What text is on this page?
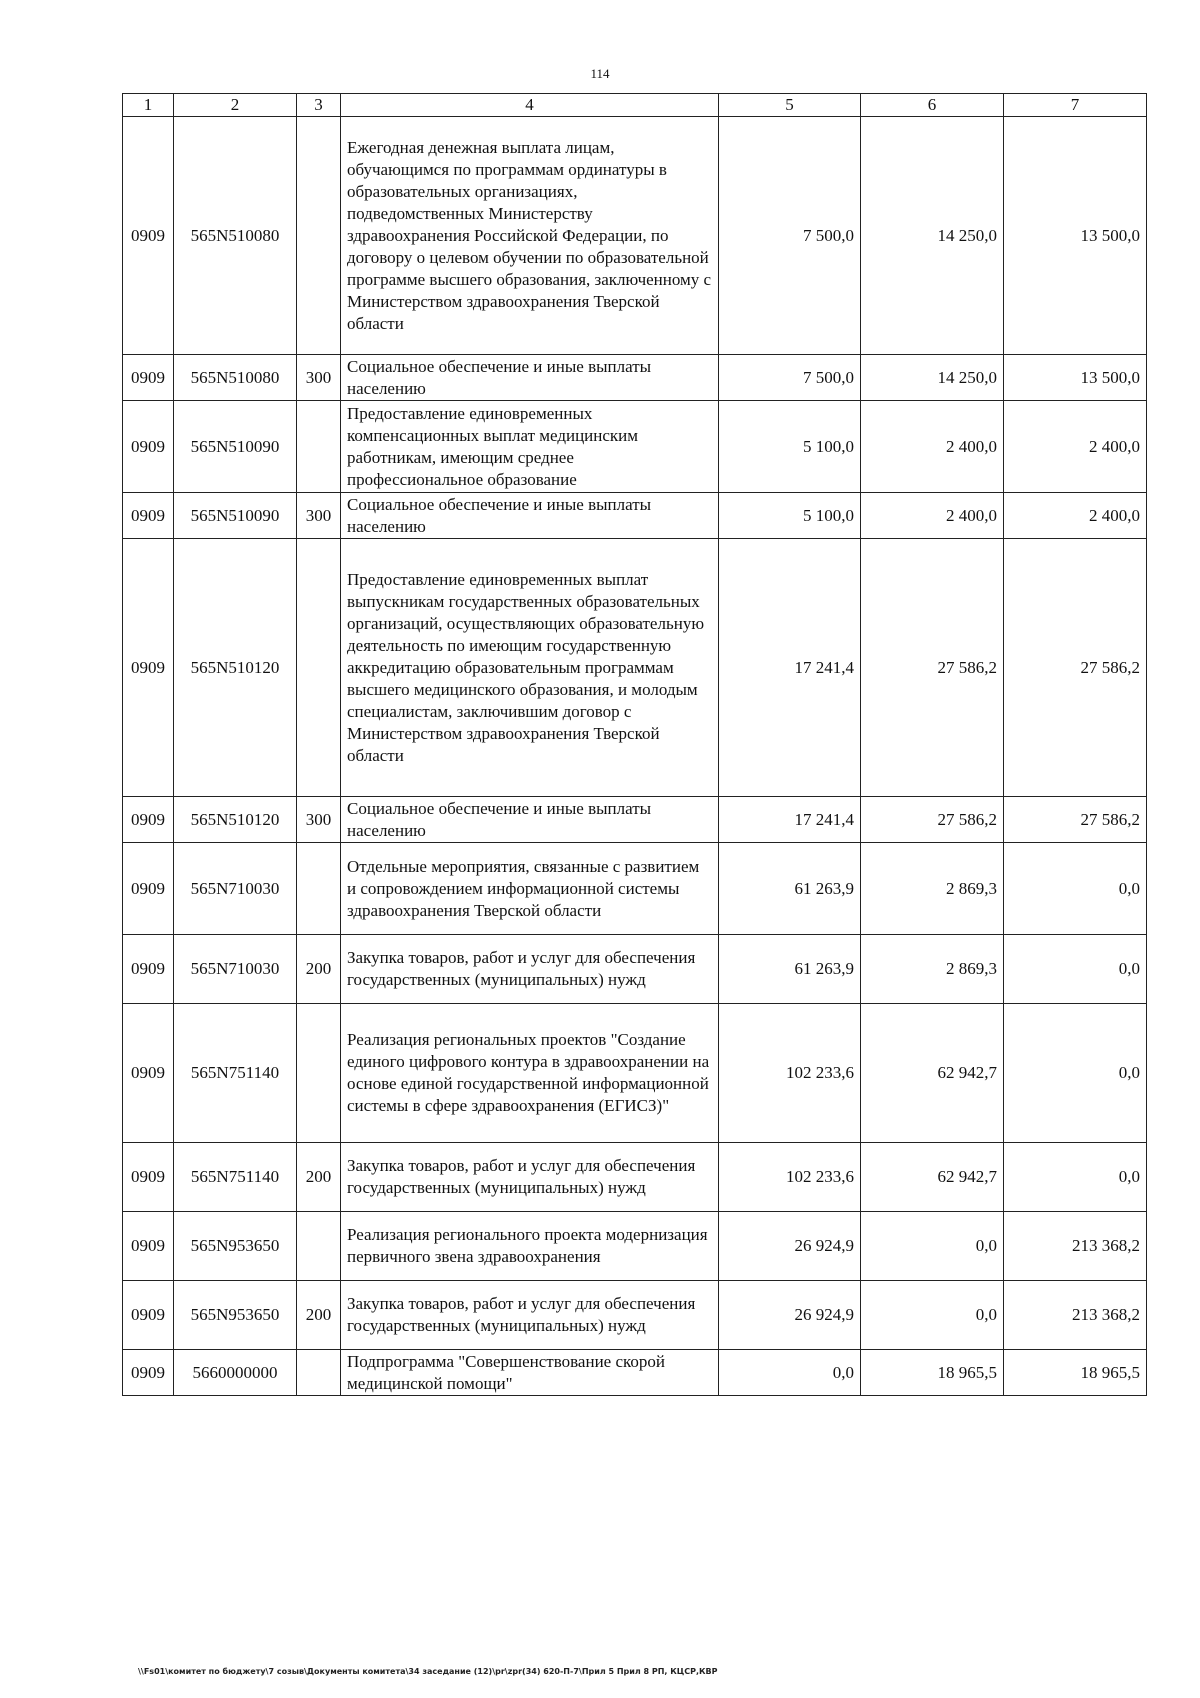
114
1	2	3	4	5	6	7
0909	565N510080		Ежегодная денежная выплата лицам, обучающимся по программам ординатуры в образовательных организациях, подведомственных Министерству здравоохранения Российской Федерации, по договору о целевом обучении по образовательной программе высшего образования, заключенному с Министерством здравоохранения Тверской области	7 500,0	14 250,0	13 500,0
0909	565N510080	300	Социальное обеспечение и иные выплаты населению	7 500,0	14 250,0	13 500,0
0909	565N510090		Предоставление единовременных компенсационных выплат медицинским работникам, имеющим среднее профессиональное образование	5 100,0	2 400,0	2 400,0
0909	565N510090	300	Социальное обеспечение и иные выплаты населению	5 100,0	2 400,0	2 400,0
0909	565N510120		Предоставление единовременных выплат выпускникам государственных образовательных организаций, осуществляющих образовательную деятельность по имеющим государственную аккредитацию образовательным программам высшего медицинского образования, и молодым специалистам, заключившим договор с Министерством здравоохранения Тверской области	17 241,4	27 586,2	27 586,2
0909	565N510120	300	Социальное обеспечение и иные выплаты населению	17 241,4	27 586,2	27 586,2
0909	565N710030		Отдельные мероприятия, связанные с развитием и сопровождением информационной системы здравоохранения Тверской области	61 263,9	2 869,3	0,0
0909	565N710030	200	Закупка товаров, работ и услуг для обеспечения государственных (муниципальных) нужд	61 263,9	2 869,3	0,0
0909	565N751140		Реализация региональных проектов "Создание единого цифрового контура в здравоохранении на основе единой государственной информационной системы в сфере здравоохранения (ЕГИСЗ)"	102 233,6	62 942,7	0,0
0909	565N751140	200	Закупка товаров, работ и услуг для обеспечения государственных (муниципальных) нужд	102 233,6	62 942,7	0,0
0909	565N953650		Реализация регионального проекта модернизация первичного звена здравоохранения	26 924,9	0,0	213 368,2
0909	565N953650	200	Закупка товаров, работ и услуг для обеспечения государственных (муниципальных) нужд	26 924,9	0,0	213 368,2
0909	5660000000		Подпрограмма "Совершенствование скорой медицинской помощи"	0,0	18 965,5	18 965,5
\\Fs01\комитет по бюджету\7 созыв\Документы комитета\34 заседание (12)\pr\zpr(34) 620-П-7\Прил 5 Прил 8 РП, КЦСР,КВР
